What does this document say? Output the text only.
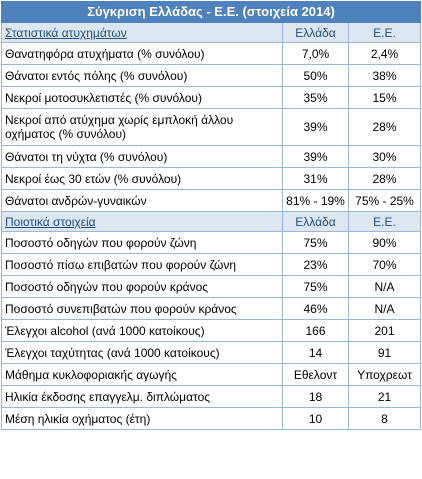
Σύγκριση Ελλάδας - Ε.Ε. (στοιχεία 2014)		
Στατιστικά ατυχημάτων	Ελλάδα	Ε.Ε.
Θανατηφόρα ατυχήματα (% συνόλου)	7,0%	2,4%
Θάνατοι εντός πόλης (% συνόλου)	50%	38%
Νεκροί μοτοσυκλετιστές (% συνόλου)	35%	15%
Νεκροί από ατύχημα χωρίς εμπλοκή άλλου οχήματος (% συνόλου)	39%	28%
Θάνατοι τη νύχτα (% συνόλου)	39%	30%
Νεκροί έως 30 ετών (% συνόλου)	31%	28%
Θάνατοι ανδρών-γυναικών	81% - 19%	75% - 25%
Ποιοτικά στοιχεία	Ελλάδα	Ε.Ε.
Ποσοστό οδηγών που φορούν ζώνη	75%	90%
Ποσοστό πίσω επιβατών που φορούν ζώνη	23%	70%
Ποσοστό οδηγών που φορούν κράνος	75%	N/A
Ποσοστό συνεπιβατών που φορούν κράνος	46%	N/A
Έλεγχοι alcohol (ανά 1000 κατοίκους)	166	201
Έλεγχοι ταχύτητας (ανά 1000 κατοίκους)	14	91
Μάθημα κυκλοφοριακής αγωγής	Εθελοντ	Υποχρεωτ
Ηλικία έκδοσης επαγγελμ. διπλώματος	18	21
Μέση ηλικία οχήματος (έτη)	10	8
